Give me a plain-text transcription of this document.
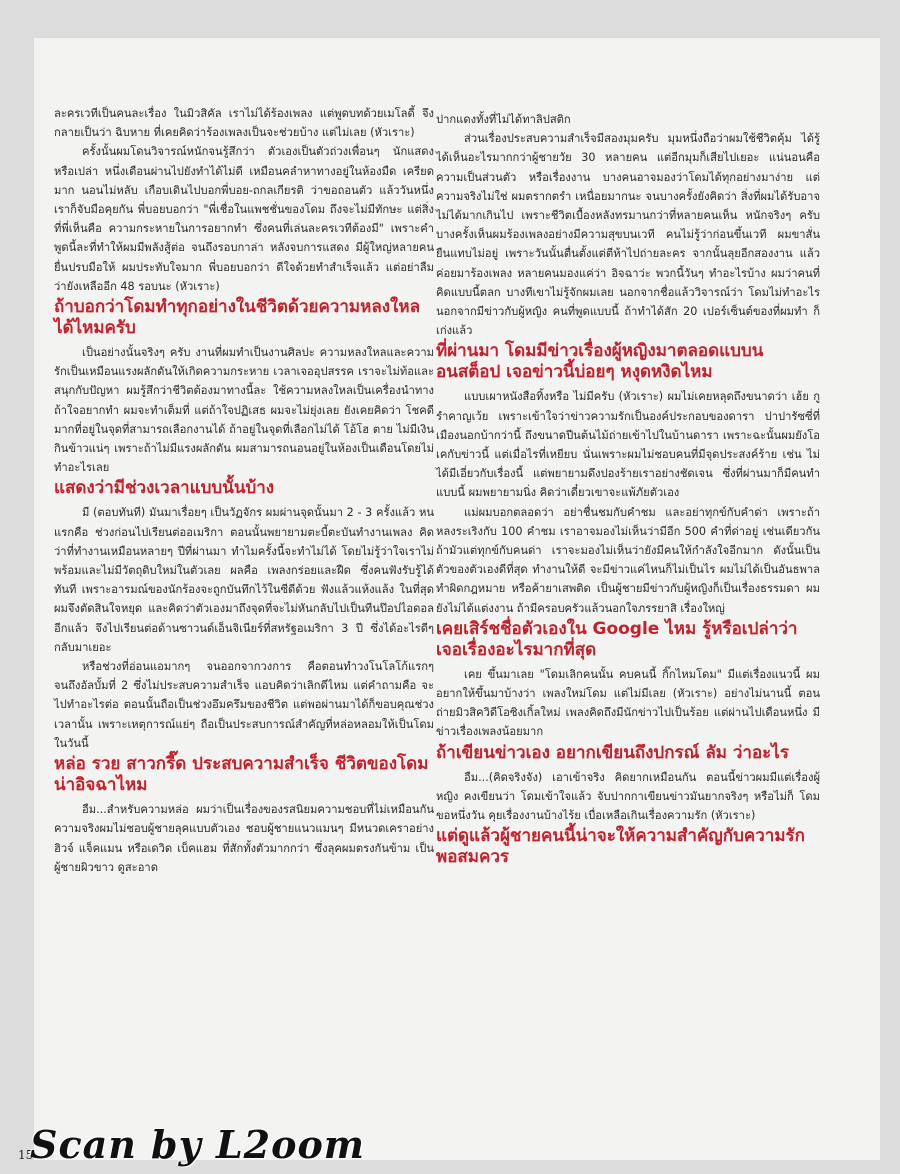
ละครเวทีเป็นคนละเรื่อง ในมิวสิคัล เราไม่ได้ร้องเพลง แต่พูดบทด้วยเมโลดี้ จึงกลายเป็นว่า ฉิบหาย ที่เคยคิดว่าร้องเพลงเป็นจะช่วยบ้าง แต่ไม่เลย (หัวเราะ)

ครั้งนั้นผมโดนวิจารณ์หนักจนรู้สึกว่า ตัวเองเป็นตัวถ่วงเพื่อนๆ นักแสดงหรือเปล่า หนึ่งเดือนผ่านไปยังทำได้ไม่ดี เหมือนคลำหาทางอยู่ในห้องมืด เครียดมาก นอนไม่หลับ เกือบเดินไปบอกพี่บอย-ถกลเกียรติ ว่าขอถอนตัว แล้ววันหนึ่งเราก็จับมือคุยกัน พี่บอยบอกว่า "พี่เชื่อในแพชชั่นของโดม ถึงจะไม่มีทักษะ แต่สิ่งที่พี่เห็นคือ ความกระหายในการอยากทำ ซึ่งคนที่เล่นละครเวทีต้องมี" เพราะคำพูดนี้ละที่ทำให้ผมมีพลังสู้ต่อ จนถึงรอบกาล่า หลังจบการแสดง มีผู้ใหญ่หลายคนยื่นปรบมือให้ ผมประทับใจมาก พี่บอยบอกว่า ดีใจด้วยทำสำเร็จแล้ว แต่อย่าลืมว่ายังเหลืออีก 48 รอบนะ (หัวเราะ)

ถ้าบอกว่าโดมทำทุกอย่างในชีวิตด้วยความหลงใหลได้ไหมครับ

เป็นอย่างนั้นจริงๆ ครับ งานที่ผมทำเป็นงานศิลปะ ความหลงใหลและความรักเป็นเหมือนแรงผลักดันให้เกิดความกระหาย เวลาเจออุปสรรค เราจะไม่ท้อและสนุกกับปัญหา ผมรู้สึกว่าชีวิตต้องมาทางนี้ละ ใช้ความหลงใหลเป็นเครื่องนำทาง ถ้าใจอยากทำ ผมจะทำเต็มที่ แต่ถ้าใจปฏิเสธ ผมจะไม่ยุ่งเลย ยังเคยคิดว่า โชคดีมากที่อยู่ในจุดที่สามารถเลือกงานได้ ถ้าอยู่ในจุดที่เลือกไม่ได้ โอ้โฮ ตาย ไม่มีเงินกินข้าวแน่ๆ เพราะถ้าไม่มีแรงผลักดัน ผมสามารถนอนอยู่ในห้องเป็นเดือนโดยไม่ทำอะไรเลย

แสดงว่ามีช่วงเวลาแบบนั้นบ้าง

มี (ตอบทันที) มันมาเรื่อยๆ เป็นวัฏจักร ผมผ่านจุดนั้นมา 2 - 3 ครั้งแล้ว หนแรกคือ ช่วงก่อนไปเรียนต่ออเมริกา ตอนนั้นพยายามตะบี้ตะบันทำงานเพลง คิดว่าที่ทำงานเหมือนหลายๆ ปีที่ผ่านมา ทำไมครั้งนี้จะทำไม่ได้ โดยไม่รู้ว่าใจเราไม่พร้อมและไม่มีวัตถุดิบใหม่ในตัวเลย ผลคือ เพลงกร่อยและฝืด ซึ่งคนฟังรับรู้ได้ทันที เพราะอารมณ์ของนักร้องจะถูกบันทึกไว้ในซีดีด้วย ฟังแล้วแห้งแล้ง ในที่สุดผมจึงตัดสินใจหยุด และคิดว่าตัวเองมาถึงจุดที่จะไม่หันกลับไปเป็นทีนป๊อปไอดอลอีกแล้ว จึงไปเรียนต่อด้านซาวนด์เอ็นจิเนียร์ที่สหรัฐอเมริกา 3 ปี ซึ่งได้อะไรดีๆ กลับมาเยอะ

หรือช่วงที่อ่อนแอมากๆ จนออกจากวงการ คือตอนทำวงโนโลโก้แรกๆ จนถึงอัลบั้มที่ 2 ซึ่งไม่ประสบความสำเร็จ แอบคิดว่าเลิกดีไหม แต่คำถามคือ จะไปทำอะไรต่อ ตอนนั้นถือเป็นช่วงอึมครึมของชีวิต แต่พอผ่านมาได้ก็ขอบคุณช่วงเวลานั้น เพราะเหตุการณ์แย่ๆ ถือเป็นประสบการณ์สำคัญที่หล่อหลอมให้เป็นโดมในวันนี้

หล่อ รวย สาวกรี๊ด ประสบความสำเร็จ ชีวิตของโดมน่าอิจฉาไหม

อืม...สำหรับความหล่อ ผมว่าเป็นเรื่องของรสนิยมความชอบที่ไม่เหมือนกัน ความจริงผมไม่ชอบผู้ชายลุคแบบตัวเอง ชอบผู้ชายแนวแมนๆ มีหนวดเคราอย่างฮิวจ์ แจ็คแมน หรือเดวิด เบ็คแฮม ที่สักทั้งตัวมากกว่า ซึ่งลุคผมตรงกันข้าม เป็นผู้ชายผิวขาว ดูสะอาด

ปากแดงทั้งที่ไม่ได้ทาลิปสติก

ส่วนเรื่องประสบความสำเร็จมีสองมุมครับ มุมหนึ่งถือว่าผมใช้ชีวิตคุ้ม ได้รู้ได้เห็นอะไรมากกว่าผู้ชายวัย 30 หลายคน แต่อีกมุมก็เสียไปเยอะ แน่นอนคือความเป็นส่วนตัว หรือเรื่องงาน บางคนอาจมองว่าโดมได้ทุกอย่างมาง่าย แต่ความจริงไม่ใช่ ผมตรากตรำ เหนื่อยมากนะ จนบางครั้งยังคิดว่า สิ่งที่ผมได้รับอาจไม่ได้มากเกินไป เพราะชีวิตเบื้องหลังทรมานกว่าที่หลายคนเห็น หนักจริงๆ ครับ บางครั้งเห็นผมร้องเพลงอย่างมีความสุขบนเวที คนไม่รู้ว่าก่อนขึ้นเวที ผมขาสั่น ยืนแทบไม่อยู่ เพราะวันนั้นตื่นตั้งแต่ตีห้าไปถ่ายละคร จากนั้นลุยอีกสองงาน แล้วค่อยมาร้องเพลง หลายคนมองแค่ว่า อิจฉาว่ะ พวกนี้วันๆ ทำอะไรบ้าง ผมว่าคนที่คิดแบบนี้ตลก บางทีเขาไม่รู้จักผมเลย นอกจากชื่อแล้ววิจารณ์ว่า โดมไม่ทำอะไรนอกจากมีข่าวกับผู้หญิง คนที่พูดแบบนี้ ถ้าทำได้สัก 20 เปอร์เซ็นต์ของที่ผมทำ ก็เก่งแล้ว

ที่ผ่านมา โดมมีข่าวเรื่องผู้หญิงมาตลอดแบบนอนสต็อป เจอข่าวนี้บ่อยๆ หงุดหงิดไหม

แบบเผาหนังสือทิ้งหรือ ไม่มีครับ (หัวเราะ) ผมไม่เคยหลุดถึงขนาดว่า เฮ้ย กูรำคาญเว้ย เพราะเข้าใจว่าข่าวความรักเป็นองค์ประกอบของดารา ปาปารัซซี่ที่เมืองนอกบ้ากว่านี้ ถึงขนาดปีนต้นไม้ถ่ายเข้าไปในบ้านดารา เพราะฉะนั้นผมยังโอเคกับข่าวนี้ แต่เมื่อไรที่เหยียบ นั่นเพราะผมไม่ชอบคนที่มีจุดประสงค์ร้าย เช่น ไม่ได้มีเอี่ยวกับเรื่องนี้ แต่พยายามดึงปองร้ายเราอย่างชัดเจน ซึ่งที่ผ่านมาก็มีคนทำแบบนี้ ผมพยายามนิ่ง คิดว่าเดี๋ยวเขาจะแพ้ภัยตัวเอง

แม่ผมบอกตลอดว่า อย่าชื่นชมกับคำชม และอย่าทุกข์กับคำด่า เพราะถ้าหลงระเริงกับ 100 คำชม เราอาจมองไม่เห็นว่ามีอีก 500 คำที่ด่าอยู่ เช่นเดียวกัน ถ้ามัวแต่ทุกข์กับคนด่า เราจะมองไม่เห็นว่ายังมีคนให้กำลังใจอีกมาก ดังนั้นเป็นตัวของตัวเองดีที่สุด ทำงานให้ดี จะมีข่าวแค่ไหนก็ไม่เป็นไร ผมไม่ได้เป็นอันธพาล ทำผิดกฎหมาย หรือค้ายาเสพติด เป็นผู้ชายมีข่าวกับผู้หญิงก็เป็นเรื่องธรรมดา ผมยังไม่ได้แต่งงาน ถ้ามีครอบครัวแล้วนอกใจภรรยาสิ เรื่องใหญ่

เคยเสิร์ชชื่อตัวเองใน Google ไหม รู้หรือเปล่าว่าเจอเรื่องอะไรมากที่สุด

เคย ขึ้นมาเลย "โดมเลิกคนนั้น คบคนนี้ กิ๊กไหมโดม" มีแต่เรื่องแนวนี้ ผมอยากให้ขึ้นมาบ้างว่า เพลงใหม่โดม แต่ไม่มีเลย (หัวเราะ) อย่างไม่นานนี้ ตอนถ่ายมิวสิควิดีโอซิงเกิ้ลใหม่ เพลงคิดถึงมีนักข่าวไปเป็นร้อย แต่ผ่านไปเดือนหนึ่ง มีข่าวเรื่องเพลงน้อยมาก

ถ้าเขียนข่าวเอง อยากเขียนถึงปกรณ์ ลัม ว่าอะไร

อืม...(คิดจริงจัง) เอาเข้าจริง คิดยากเหมือนกัน ตอนนี้ข่าวผมมีแต่เรื่องผู้หญิง คงเขียนว่า โดมเข้าใจแล้ว จับปากกาเขียนข่าวมันยากจริงๆ หรือไม่ก็ โดมขอหนึ่งวัน คุยเรื่องงานบ้างไร้ย เบื่อเหลือเกินเรื่องความรัก (หัวเราะ)

แต่ดูแล้วผู้ชายคนนี้น่าจะให้ความสำคัญกับความรักพอสมควร
15
Scan by L2oom
